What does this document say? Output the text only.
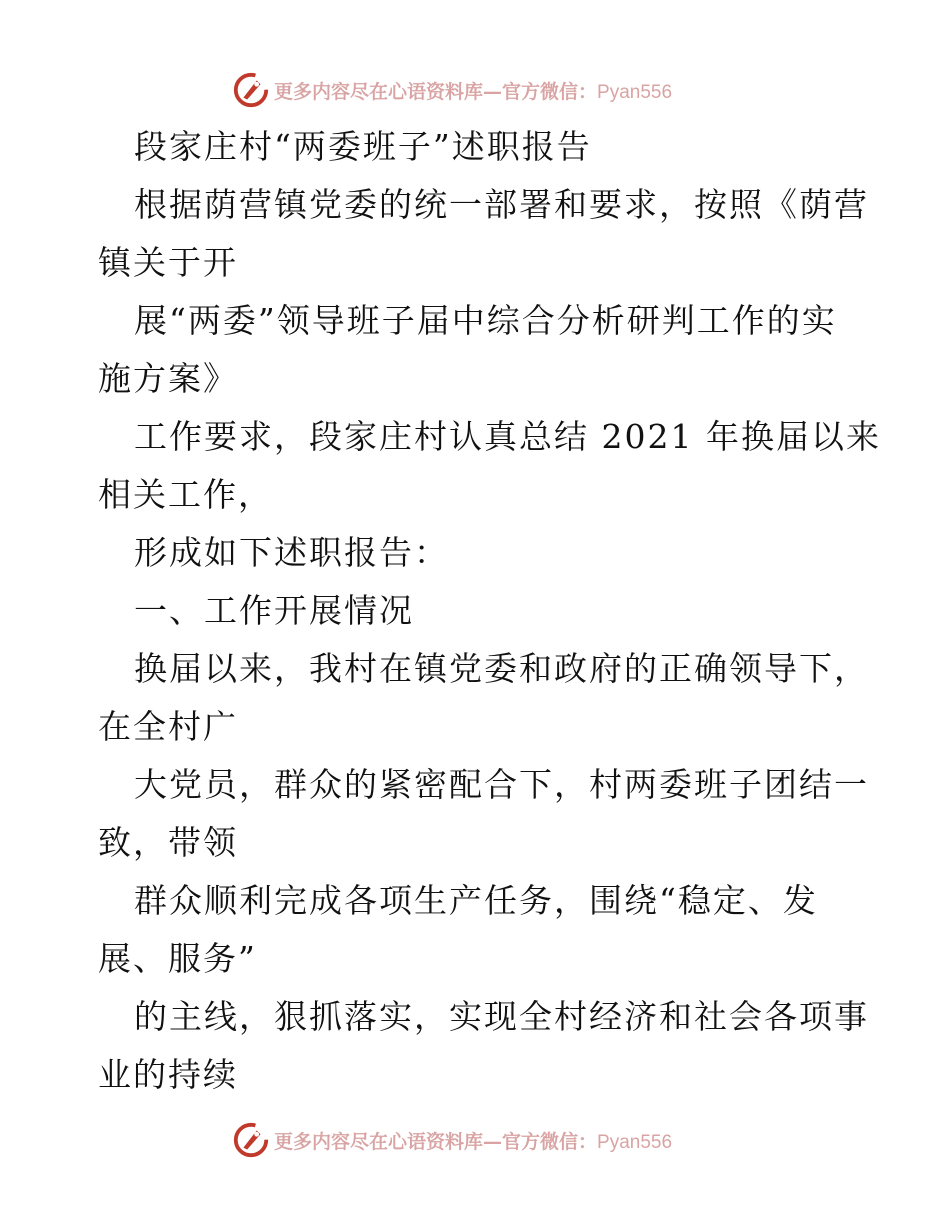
更多内容尽在心语资料库—官方微信：Pyan556
段家庄村“两委班子”述职报告
根据荫营镇党委的统一部署和要求，按照《荫营
镇关于开
展“两委”领导班子届中综合分析研判工作的实
施方案》
工作要求，段家庄村认真总结 2021 年换届以来
相关工作，
形成如下述职报告：
一、工作开展情况
换届以来，我村在镇党委和政府的正确领导下，
在全村广
大党员，群众的紧密配合下，村两委班子团结一
致，带领
群众顺利完成各项生产任务，围绕“稳定、发
展、服务”
的主线，狠抓落实，实现全村经济和社会各项事
业的持续
更多内容尽在心语资料库—官方微信：Pyan556
